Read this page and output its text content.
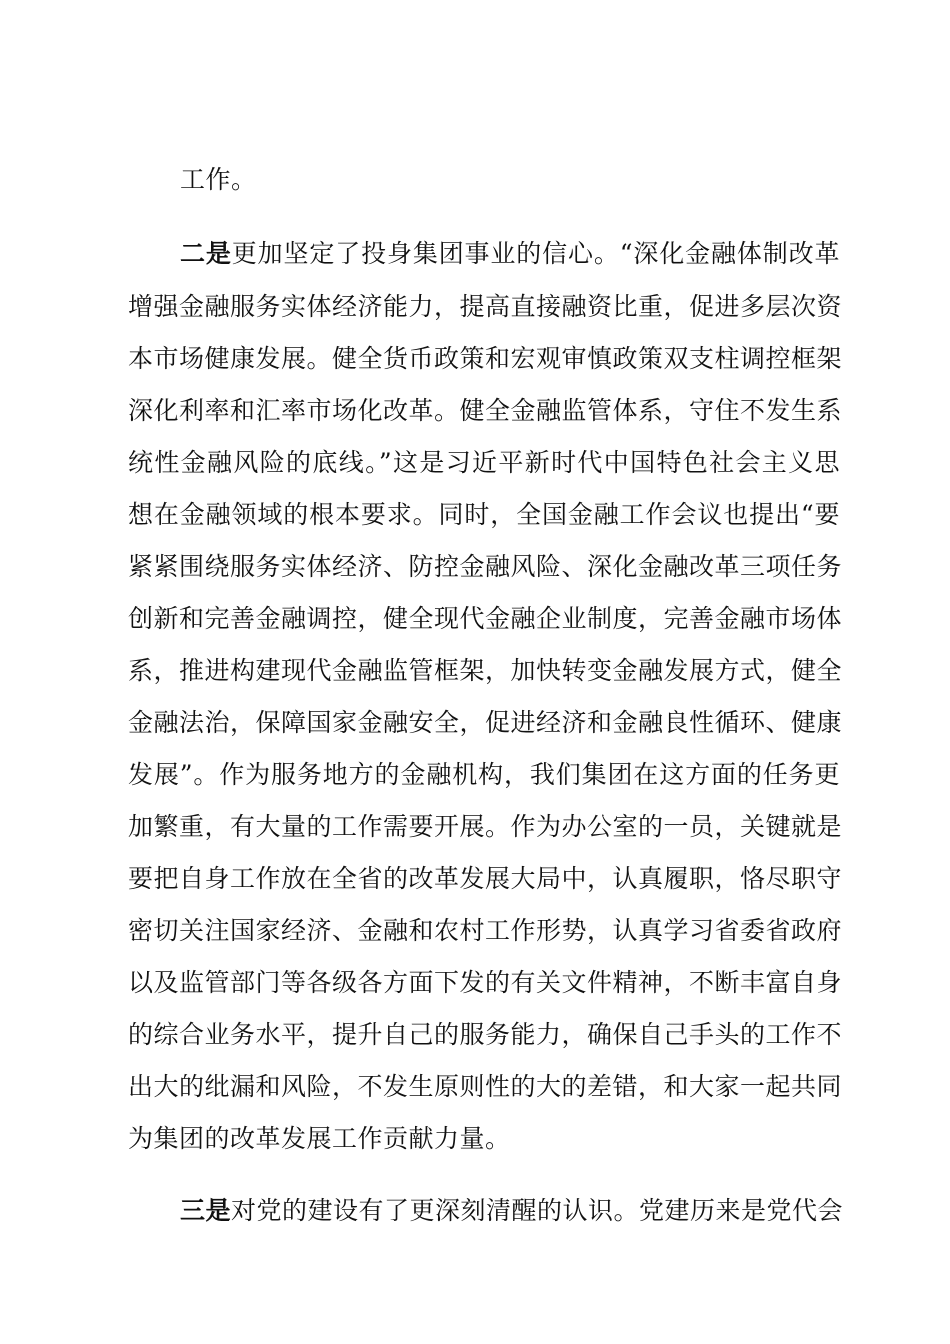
工作。
二是更加坚定了投身集团事业的信心。“深化金融体制改革
增强金融服务实体经济能力，提高直接融资比重，促进多层次资
本市场健康发展。健全货币政策和宏观审慎政策双支柱调控框架
深化利率和汇率市场化改革。健全金融监管体系，守住不发生系
统性金融风险的底线。”这是习近平新时代中国特色社会主义思
想在金融领域的根本要求。同时，全国金融工作会议也提出“要
紧紧围绕服务实体经济、防控金融风险、深化金融改革三项任务
创新和完善金融调控，健全现代金融企业制度，完善金融市场体
系，推进构建现代金融监管框架，加快转变金融发展方式，健全
金融法治，保障国家金融安全，促进经济和金融良性循环、健康
发展”。作为服务地方的金融机构，我们集团在这方面的任务更
加繁重，有大量的工作需要开展。作为办公室的一员，关键就是
要把自身工作放在全省的改革发展大局中，认真履职，恪尽职守
密切关注国家经济、金融和农村工作形势，认真学习省委省政府
以及监管部门等各级各方面下发的有关文件精神，不断丰富自身
的综合业务水平，提升自己的服务能力，确保自己手头的工作不
出大的纰漏和风险，不发生原则性的大的差错，和大家一起共同
为集团的改革发展工作贡献力量。
三是对党的建设有了更深刻清醒的认识。党建历来是党代会
